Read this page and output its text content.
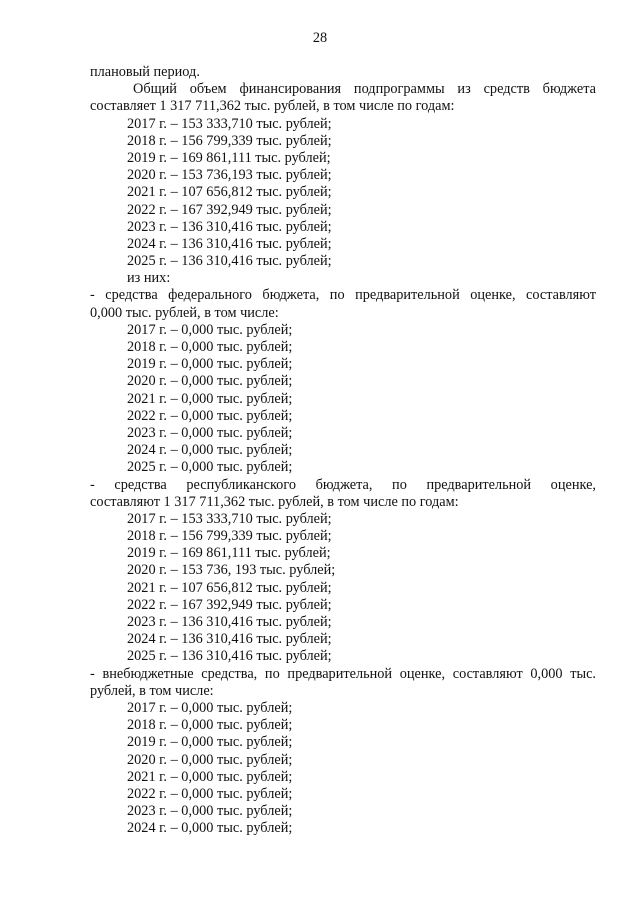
28
плановый период.
Общий объем финансирования подпрограммы из средств бюджета
составляет 1 317 711,362 тыс. рублей, в том числе по годам:
2017 г. – 153 333,710 тыс. рублей;
2018 г. – 156 799,339 тыс. рублей;
2019 г. – 169 861,111 тыс. рублей;
2020 г. – 153 736,193 тыс. рублей;
2021 г. – 107 656,812 тыс. рублей;
2022 г. – 167 392,949 тыс. рублей;
2023 г. – 136 310,416 тыс. рублей;
2024 г. – 136 310,416 тыс. рублей;
2025 г. – 136 310,416 тыс. рублей;
из них:
- средства федерального бюджета, по предварительной оценке, составляют
0,000 тыс. рублей, в том числе:
2017 г. – 0,000 тыс. рублей;
2018 г. – 0,000 тыс. рублей;
2019 г. – 0,000 тыс. рублей;
2020 г. – 0,000 тыс. рублей;
2021 г. – 0,000 тыс. рублей;
2022 г. – 0,000 тыс. рублей;
2023 г. – 0,000 тыс. рублей;
2024 г. – 0,000 тыс. рублей;
2025 г. – 0,000 тыс. рублей;
- средства республиканского бюджета, по предварительной оценке,
составляют 1 317 711,362 тыс. рублей, в том числе по годам:
2017 г. – 153 333,710 тыс. рублей;
2018 г. – 156 799,339 тыс. рублей;
2019 г. – 169 861,111 тыс. рублей;
2020 г. – 153 736, 193 тыс. рублей;
2021 г. – 107 656,812 тыс. рублей;
2022 г. – 167 392,949 тыс. рублей;
2023 г. – 136 310,416 тыс. рублей;
2024 г. – 136 310,416 тыс. рублей;
2025 г. – 136 310,416 тыс. рублей;
- внебюджетные средства, по предварительной оценке, составляют 0,000 тыс.
рублей, в том числе:
2017 г. – 0,000 тыс. рублей;
2018 г. – 0,000 тыс. рублей;
2019 г. – 0,000 тыс. рублей;
2020 г. – 0,000 тыс. рублей;
2021 г. – 0,000 тыс. рублей;
2022 г. – 0,000 тыс. рублей;
2023 г. – 0,000 тыс. рублей;
2024 г. – 0,000 тыс. рублей;
